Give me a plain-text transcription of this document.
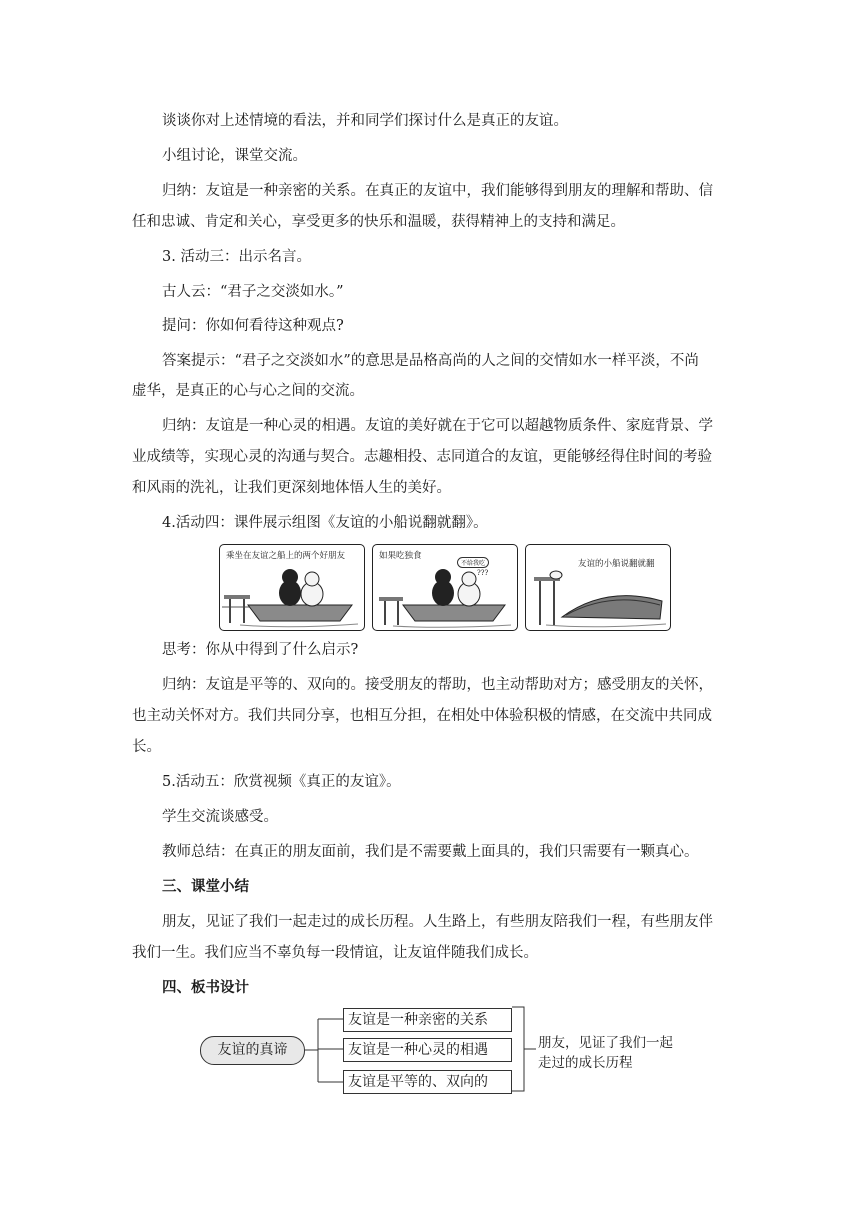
谈谈你对上述情境的看法，并和同学们探讨什么是真正的友谊。
小组讨论，课堂交流。
归纳：友谊是一种亲密的关系。在真正的友谊中，我们能够得到朋友的理解和帮助、信
任和忠诚、肯定和关心，享受更多的快乐和温暖，获得精神上的支持和满足。
3. 活动三：出示名言。
古人云：“君子之交淡如水。”
提问：你如何看待这种观点?
答案提示：“君子之交淡如水”的意思是品格高尚的人之间的交情如水一样平淡，不尚
虚华，是真正的心与心之间的交流。
归纳：友谊是一种心灵的相遇。友谊的美好就在于它可以超越物质条件、家庭背景、学
业成绩等，实现心灵的沟通与契合。志趣相投、志同道合的友谊，更能够经得住时间的考验
和风雨的洗礼，让我们更深刻地体悟人生的美好。
4.活动四：课件展示组图《友谊的小船说翻就翻》。
乘坐在友谊之船上的两个好朋友	如果吃独食
不给我吃
???
友谊的小船说翻就翻
思考：你从中得到了什么启示?
归纳：友谊是平等的、双向的。接受朋友的帮助，也主动帮助对方；感受朋友的关怀，
也主动关怀对方。我们共同分享，也相互分担，在相处中体验积极的情感，在交流中共同成
长。
5.活动五：欣赏视频《真正的友谊》。
学生交流谈感受。
教师总结：在真正的朋友面前，我们是不需要戴上面具的，我们只需要有一颗真心。
三、课堂小结
朋友，见证了我们一起走过的成长历程。人生路上，有些朋友陪我们一程，有些朋友伴
我们一生。我们应当不辜负每一段情谊，让友谊伴随我们成长。
四、板书设计
友谊的真谛
友谊是一种亲密的关系
友谊是一种心灵的相遇
友谊是平等的、双向的
朋友，见证了我们一起
走过的成长历程
